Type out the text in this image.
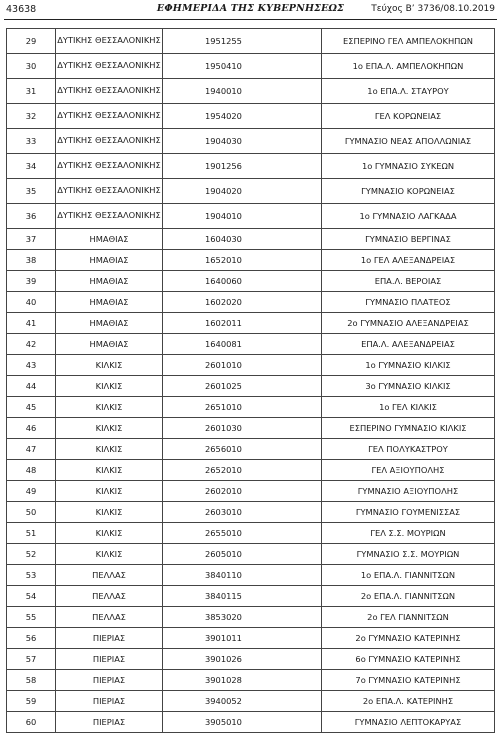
43638	ΕΦΗΜΕΡΙΔΑ ΤΗΣ ΚΥΒΕΡΝΗΣΕΩΣ	Τεύχος Β’ 3736/08.10.2019
29	ΔΥΤΙΚΗΣ ΘΕΣΣΑΛΟΝΙΚΗΣ	1951255	ΕΣΠΕΡΙΝΟ ΓΕΛ ΑΜΠΕΛΟΚΗΠΩΝ
30	ΔΥΤΙΚΗΣ ΘΕΣΣΑΛΟΝΙΚΗΣ	1950410	1ο ΕΠΑ.Λ. ΑΜΠΕΛΟΚΗΠΩΝ
31	ΔΥΤΙΚΗΣ ΘΕΣΣΑΛΟΝΙΚΗΣ	1940010	1ο ΕΠΑ.Λ. ΣΤΑΥΡΟΥ
32	ΔΥΤΙΚΗΣ ΘΕΣΣΑΛΟΝΙΚΗΣ	1954020	ΓΕΛ ΚΟΡΩΝΕΙΑΣ
33	ΔΥΤΙΚΗΣ ΘΕΣΣΑΛΟΝΙΚΗΣ	1904030	ΓΥΜΝΑΣΙΟ ΝΕΑΣ ΑΠΟΛΛΩΝΙΑΣ
34	ΔΥΤΙΚΗΣ ΘΕΣΣΑΛΟΝΙΚΗΣ	1901256	1ο ΓΥΜΝΑΣΙΟ ΣΥΚΕΩΝ
35	ΔΥΤΙΚΗΣ ΘΕΣΣΑΛΟΝΙΚΗΣ	1904020	ΓΥΜΝΑΣΙΟ ΚΟΡΩΝΕΙΑΣ
36	ΔΥΤΙΚΗΣ ΘΕΣΣΑΛΟΝΙΚΗΣ	1904010	1ο ΓΥΜΝΑΣΙΟ ΛΑΓΚΑΔΑ
37	ΗΜΑΘΙΑΣ	1604030	ΓΥΜΝΑΣΙΟ ΒΕΡΓΙΝΑΣ
38	ΗΜΑΘΙΑΣ	1652010	1ο ΓΕΛ ΑΛΕΞΑΝΔΡΕΙΑΣ
39	ΗΜΑΘΙΑΣ	1640060	ΕΠΑ.Λ. ΒΕΡΟΙΑΣ
40	ΗΜΑΘΙΑΣ	1602020	ΓΥΜΝΑΣΙΟ ΠΛΑΤΕΟΣ
41	ΗΜΑΘΙΑΣ	1602011	2ο ΓΥΜΝΑΣΙΟ ΑΛΕΞΑΝΔΡΕΙΑΣ
42	ΗΜΑΘΙΑΣ	1640081	ΕΠΑ.Λ. ΑΛΕΞΑΝΔΡΕΙΑΣ
43	ΚΙΛΚΙΣ	2601010	1ο ΓΥΜΝΑΣΙΟ ΚΙΛΚΙΣ
44	ΚΙΛΚΙΣ	2601025	3ο ΓΥΜΝΑΣΙΟ ΚΙΛΚΙΣ
45	ΚΙΛΚΙΣ	2651010	1ο ΓΕΛ ΚΙΛΚΙΣ
46	ΚΙΛΚΙΣ	2601030	ΕΣΠΕΡΙΝΟ ΓΥΜΝΑΣΙΟ ΚΙΛΚΙΣ
47	ΚΙΛΚΙΣ	2656010	ΓΕΛ ΠΟΛΥΚΑΣΤΡΟΥ
48	ΚΙΛΚΙΣ	2652010	ΓΕΛ ΑΞΙΟΥΠΟΛΗΣ
49	ΚΙΛΚΙΣ	2602010	ΓΥΜΝΑΣΙΟ ΑΞΙΟΥΠΟΛΗΣ
50	ΚΙΛΚΙΣ	2603010	ΓΥΜΝΑΣΙΟ ΓΟΥΜΕΝΙΣΣΑΣ
51	ΚΙΛΚΙΣ	2655010	ΓΕΛ Σ.Σ. ΜΟΥΡΙΩΝ
52	ΚΙΛΚΙΣ	2605010	ΓΥΜΝΑΣΙΟ Σ.Σ. ΜΟΥΡΙΩΝ
53	ΠΕΛΛΑΣ	3840110	1ο ΕΠΑ.Λ. ΓΙΑΝΝΙΤΣΩΝ
54	ΠΕΛΛΑΣ	3840115	2ο ΕΠΑ.Λ. ΓΙΑΝΝΙΤΣΩΝ
55	ΠΕΛΛΑΣ	3853020	2ο ΓΕΛ ΓΙΑΝΝΙΤΣΩΝ
56	ΠΙΕΡΙΑΣ	3901011	2ο ΓΥΜΝΑΣΙΟ ΚΑΤΕΡΙΝΗΣ
57	ΠΙΕΡΙΑΣ	3901026	6ο ΓΥΜΝΑΣΙΟ ΚΑΤΕΡΙΝΗΣ
58	ΠΙΕΡΙΑΣ	3901028	7ο ΓΥΜΝΑΣΙΟ ΚΑΤΕΡΙΝΗΣ
59	ΠΙΕΡΙΑΣ	3940052	2ο ΕΠΑ.Λ. ΚΑΤΕΡΙΝΗΣ
60	ΠΙΕΡΙΑΣ	3905010	ΓΥΜΝΑΣΙΟ ΛΕΠΤΟΚΑΡΥΑΣ
